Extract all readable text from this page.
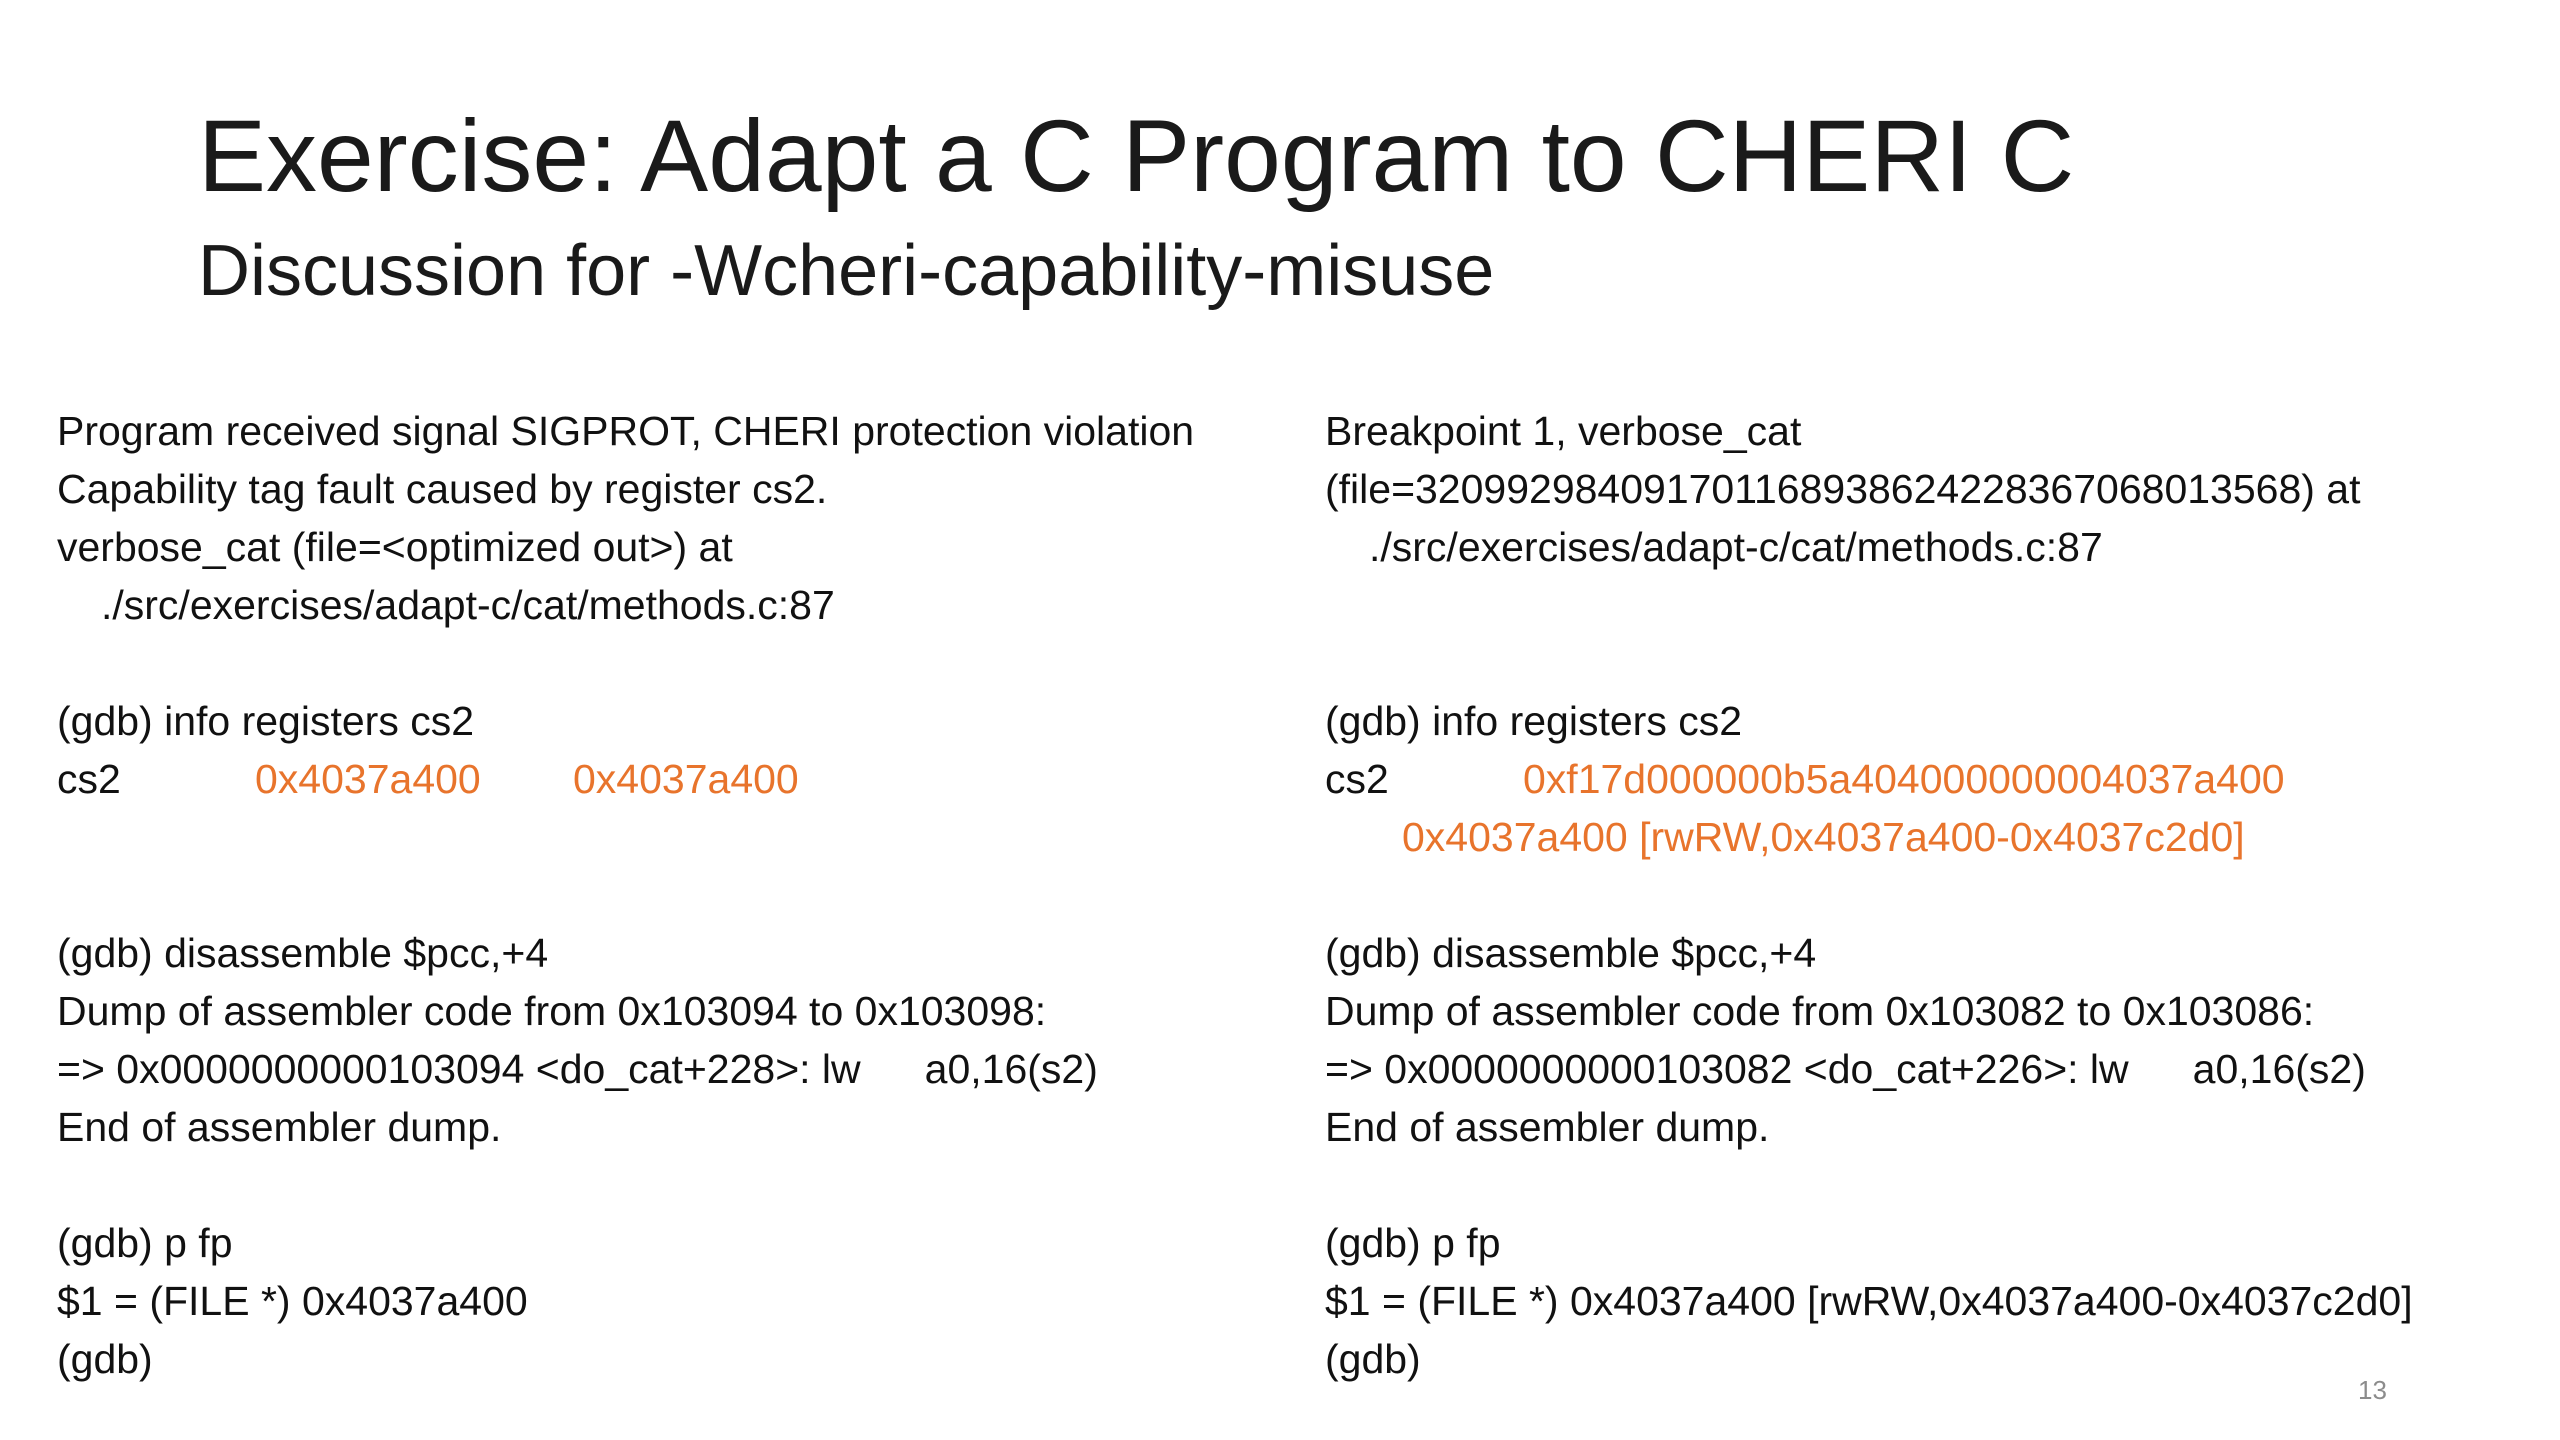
Exercise: Adapt a C Program to CHERI C
Discussion for -Wcheri-capability-misuse
Program received signal SIGPROT, CHERI protection violation
Capability tag fault caused by register cs2.
verbose_cat (file=<optimized out>) at
./src/exercises/adapt-c/cat/methods.c:87
(gdb) info registers cs2
cs2	0x4037a400 0x4037a400
(gdb) disassemble $pcc,+4
Dump of assembler code from 0x103094 to 0x103098:
=> 0x0000000000103094 <do_cat+228>: lw a0,16(s2)
End of assembler dump.
(gdb) p fp
$1 = (FILE *) 0x4037a400
(gdb)
Breakpoint 1, verbose_cat
(file=3209929840917011689386242283670680135​68) at
./src/exercises/adapt-c/cat/methods.c:87
(gdb) info registers cs2
cs2	0xf17d000000b5a404000000004037a400
0x4037a400 [rwRW,0x4037a400-0x4037c2d0]
(gdb) disassemble $pcc,+4
Dump of assembler code from 0x103082 to 0x103086:
=> 0x0000000000103082 <do_cat+226>: lw a0,16(s2)
End of assembler dump.
(gdb) p fp
$1 = (FILE *) 0x4037a400 [rwRW,0x4037a400-0x4037c2d0]
(gdb)
13
